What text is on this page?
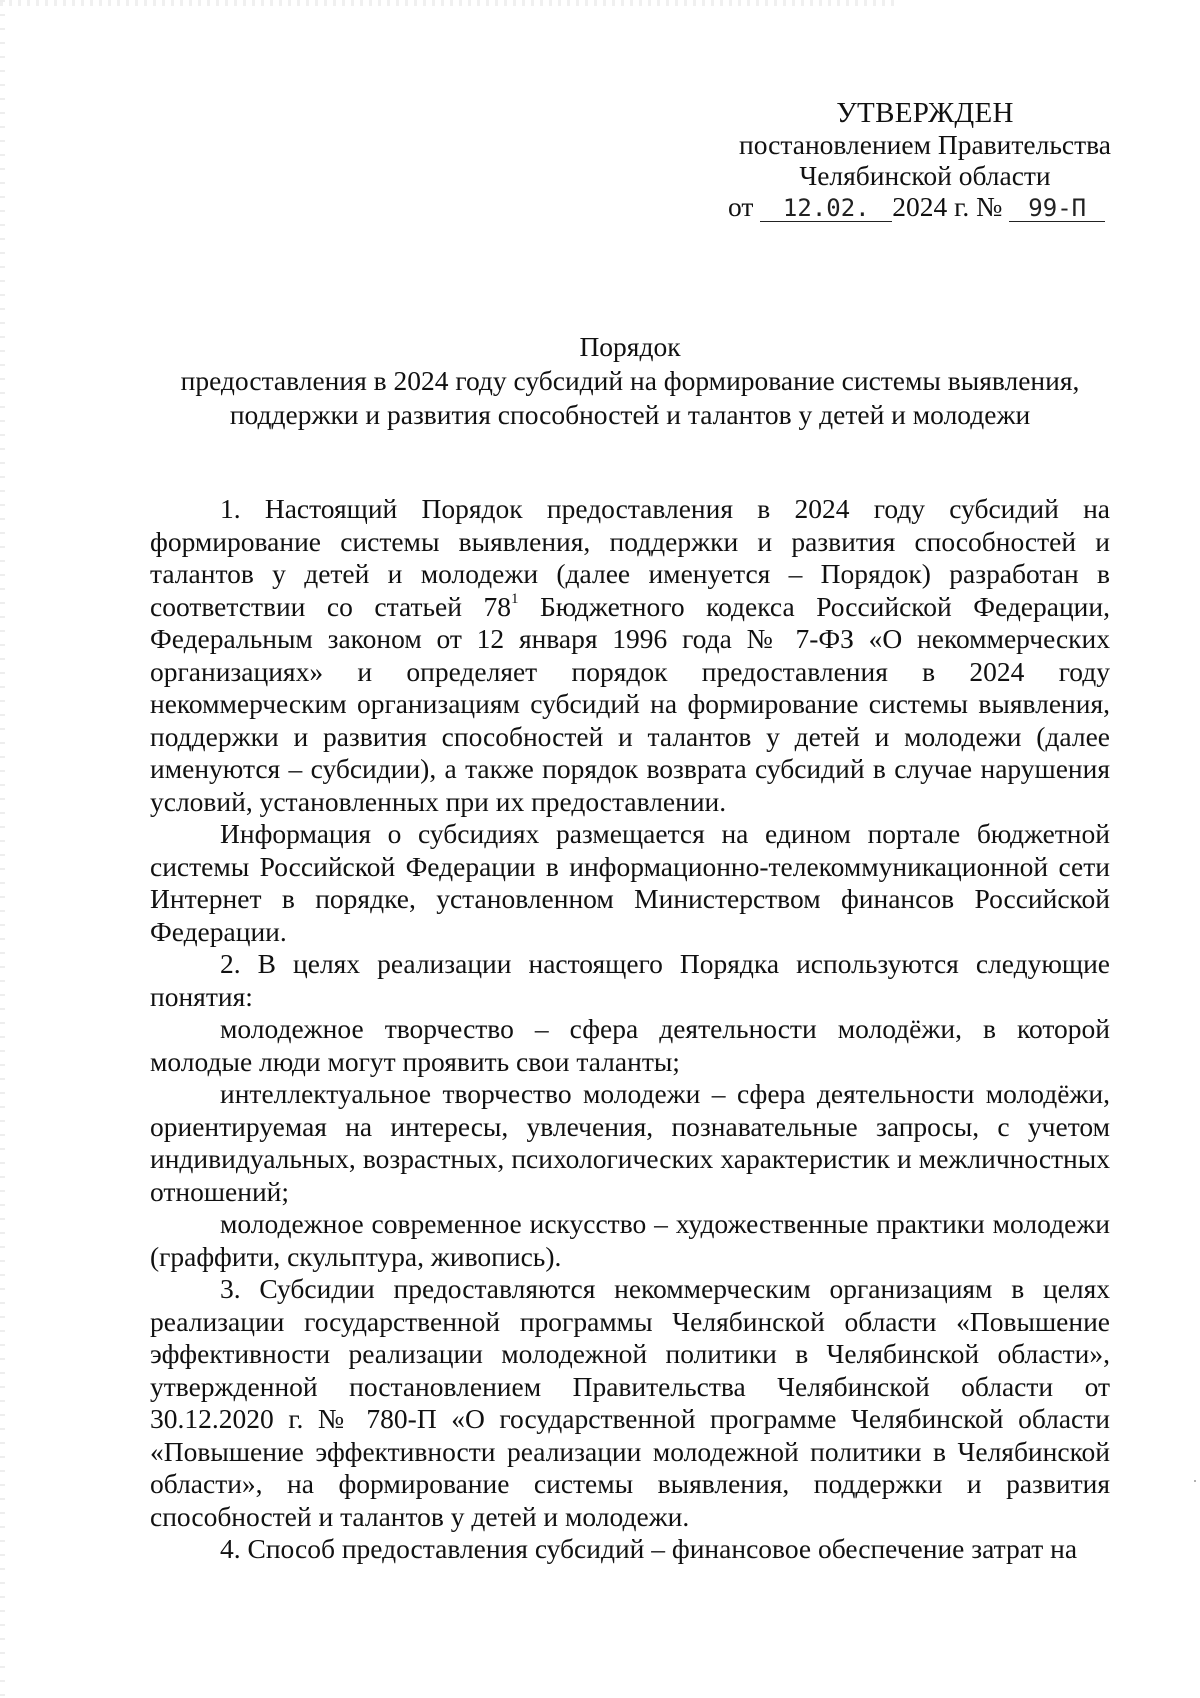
УТВЕРЖДЕН
постановлением Правительства
Челябинской области
от 12.02. 2024 г. № 99-П
Порядок
предоставления в 2024 году субсидий на формирование системы выявления,
поддержки и развития способностей и талантов у детей и молодежи

1. Настоящий Порядок предоставления в 2024 году субсидий на формирование системы выявления, поддержки и развития способностей и талантов у детей и молодежи (далее именуется – Порядок) разработан в соответствии со статьей $78^1$ Бюджетного кодекса Российской Федерации, Федеральным законом от 12 января 1996 года № 7-ФЗ «О некоммерческих организациях» и определяет порядок предоставления в 2024 году некоммерческим организациям субсидий на формирование системы выявления, поддержки и развития способностей и талантов у детей и молодежи (далее именуются – субсидии), а также порядок возврата субсидий в случае нарушения условий, установленных при их предоставлении.

Информация о субсидиях размещается на едином портале бюджетной системы Российской Федерации в информационно-телекоммуникационной сети Интернет в порядке, установленном Министерством финансов Российской Федерации.

2. В целях реализации настоящего Порядка используются следующие понятия:

молодежное творчество – сфера деятельности молодёжи, в которой молодые люди могут проявить свои таланты;

интеллектуальное творчество молодежи – сфера деятельности молодёжи, ориентируемая на интересы, увлечения, познавательные запросы, с учетом индивидуальных, возрастных, психологических характеристик и межличностных отношений;

молодежное современное искусство – художественные практики молодежи (граффити, скульптура, живопись).

3. Субсидии предоставляются некоммерческим организациям в целях реализации государственной программы Челябинской области «Повышение эффективности реализации молодежной политики в Челябинской области», утвержденной постановлением Правительства Челябинской области от 30.12.2020 г. № 780-П «О государственной программе Челябинской области «Повышение эффективности реализации молодежной политики в Челябинской области», на формирование системы выявления, поддержки и развития способностей и талантов у детей и молодежи.

4. Способ предоставления субсидий – финансовое обеспечение затрат на
